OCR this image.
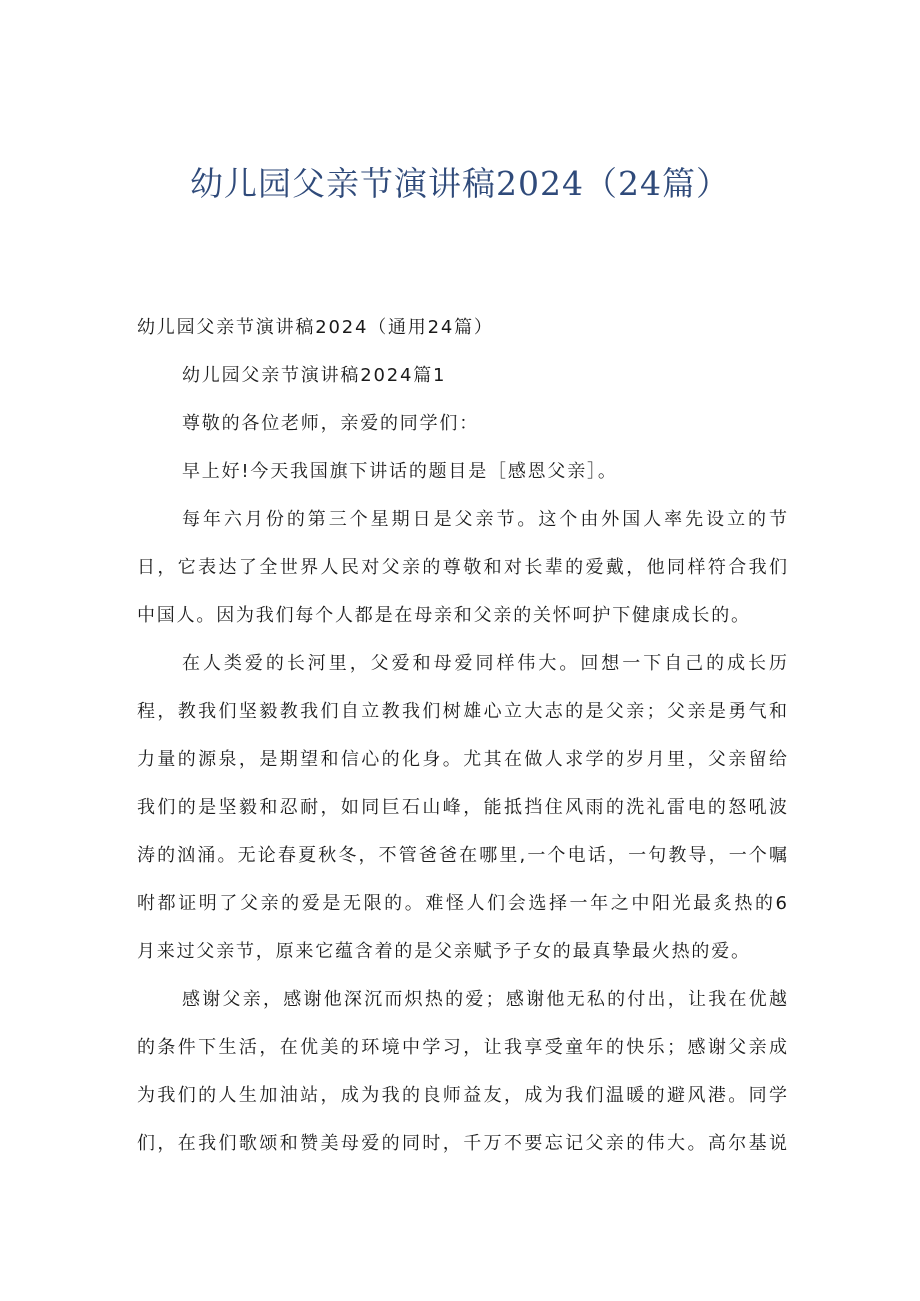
幼儿园父亲节演讲稿2024（24篇）
幼儿园父亲节演讲稿2024（通用24篇）
幼儿园父亲节演讲稿2024篇1
尊敬的各位老师，亲爱的同学们：
早上好!今天我国旗下讲话的题目是［感恩父亲］。
每年六月份的第三个星期日是父亲节。这个由外国人率先设立的节
日，它表达了全世界人民对父亲的尊敬和对长辈的爱戴，他同样符合我们
中国人。因为我们每个人都是在母亲和父亲的关怀呵护下健康成长的。
在人类爱的长河里，父爱和母爱同样伟大。回想一下自己的成长历
程，教我们坚毅教我们自立教我们树雄心立大志的是父亲；父亲是勇气和
力量的源泉，是期望和信心的化身。尤其在做人求学的岁月里，父亲留给
我们的是坚毅和忍耐，如同巨石山峰，能抵挡住风雨的洗礼雷电的怒吼波
涛的汹涌。无论春夏秋冬，不管爸爸在哪里,一个电话，一句教导，一个嘱
咐都证明了父亲的爱是无限的。难怪人们会选择一年之中阳光最炙热的6
月来过父亲节，原来它蕴含着的是父亲赋予子女的最真挚最火热的爱。
感谢父亲，感谢他深沉而炽热的爱；感谢他无私的付出，让我在优越
的条件下生活，在优美的环境中学习，让我享受童年的快乐；感谢父亲成
为我们的人生加油站，成为我的良师益友，成为我们温暖的避风港。同学
们，在我们歌颂和赞美母爱的同时，千万不要忘记父亲的伟大。高尔基说
